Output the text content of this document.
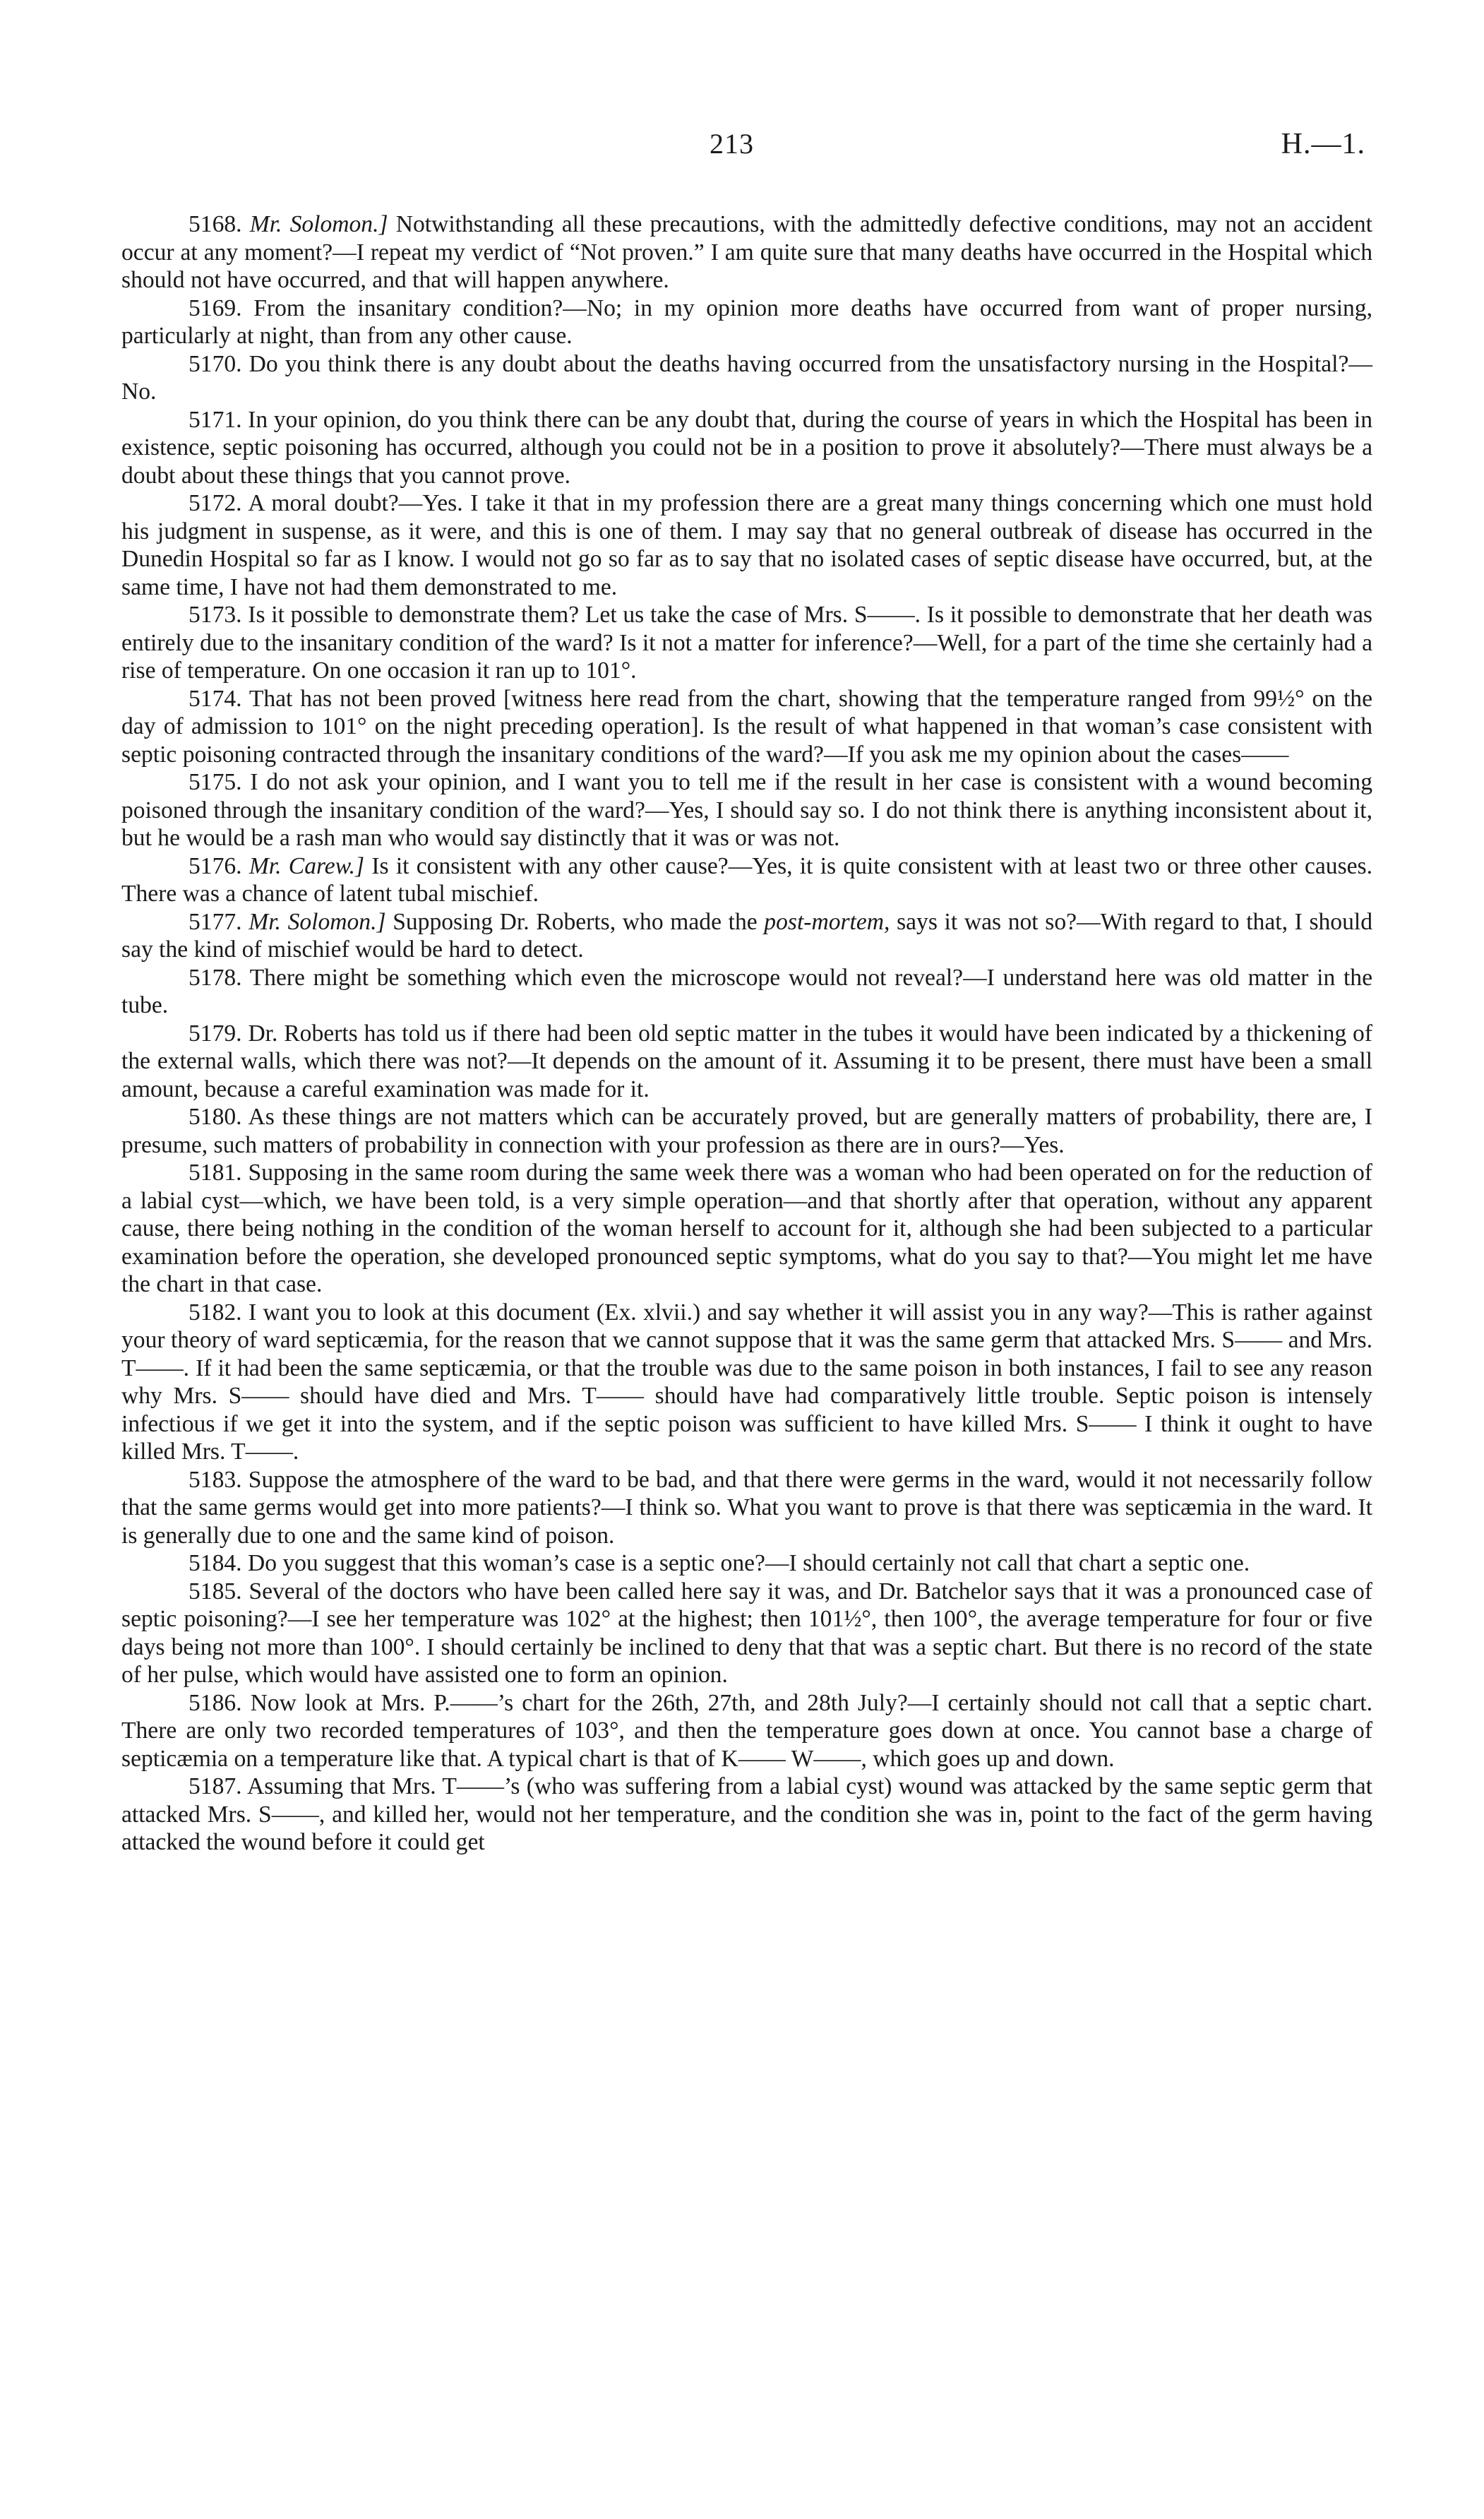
213	H.—1.

5168. Mr. Solomon.] Notwithstanding all these precautions, with the admittedly defective conditions, may not an accident occur at any moment?—I repeat my verdict of “Not proven.” I am quite sure that many deaths have occurred in the Hospital which should not have occurred, and that will happen anywhere.

5169. From the insanitary condition?—No; in my opinion more deaths have occurred from want of proper nursing, particularly at night, than from any other cause.

5170. Do you think there is any doubt about the deaths having occurred from the unsatisfactory nursing in the Hospital?—No.

5171. In your opinion, do you think there can be any doubt that, during the course of years in which the Hospital has been in existence, septic poisoning has occurred, although you could not be in a position to prove it absolutely?—There must always be a doubt about these things that you cannot prove.

5172. A moral doubt?—Yes. I take it that in my profession there are a great many things concerning which one must hold his judgment in suspense, as it were, and this is one of them. I may say that no general outbreak of disease has occurred in the Dunedin Hospital so far as I know. I would not go so far as to say that no isolated cases of septic disease have occurred, but, at the same time, I have not had them demonstrated to me.

5173. Is it possible to demonstrate them? Let us take the case of Mrs. S——. Is it possible to demonstrate that her death was entirely due to the insanitary condition of the ward? Is it not a matter for inference?—Well, for a part of the time she certainly had a rise of temperature. On one occasion it ran up to 101°.

5174. That has not been proved [witness here read from the chart, showing that the temperature ranged from 99½° on the day of admission to 101° on the night preceding operation]. Is the result of what happened in that woman’s case consistent with septic poisoning contracted through the insanitary conditions of the ward?—If you ask me my opinion about the cases——

5175. I do not ask your opinion, and I want you to tell me if the result in her case is consistent with a wound becoming poisoned through the insanitary condition of the ward?—Yes, I should say so. I do not think there is anything inconsistent about it, but he would be a rash man who would say distinctly that it was or was not.

5176. Mr. Carew.] Is it consistent with any other cause?—Yes, it is quite consistent with at least two or three other causes. There was a chance of latent tubal mischief.

5177. Mr. Solomon.] Supposing Dr. Roberts, who made the post-mortem, says it was not so?—With regard to that, I should say the kind of mischief would be hard to detect.

5178. There might be something which even the microscope would not reveal?—I understand here was old matter in the tube.

5179. Dr. Roberts has told us if there had been old septic matter in the tubes it would have been indicated by a thickening of the external walls, which there was not?—It depends on the amount of it. Assuming it to be present, there must have been a small amount, because a careful examination was made for it.

5180. As these things are not matters which can be accurately proved, but are generally matters of probability, there are, I presume, such matters of probability in connection with your profession as there are in ours?—Yes.

5181. Supposing in the same room during the same week there was a woman who had been operated on for the reduction of a labial cyst—which, we have been told, is a very simple operation—and that shortly after that operation, without any apparent cause, there being nothing in the condition of the woman herself to account for it, although she had been subjected to a particular examination before the operation, she developed pronounced septic symptoms, what do you say to that?—You might let me have the chart in that case.

5182. I want you to look at this document (Ex. xlvii.) and say whether it will assist you in any way?—This is rather against your theory of ward septicæmia, for the reason that we cannot suppose that it was the same germ that attacked Mrs. S—— and Mrs. T——. If it had been the same septicæmia, or that the trouble was due to the same poison in both instances, I fail to see any reason why Mrs. S—— should have died and Mrs. T—— should have had comparatively little trouble. Septic poison is intensely infectious if we get it into the system, and if the septic poison was sufficient to have killed Mrs. S—— I think it ought to have killed Mrs. T——.

5183. Suppose the atmosphere of the ward to be bad, and that there were germs in the ward, would it not necessarily follow that the same germs would get into more patients?—I think so. What you want to prove is that there was septicæmia in the ward. It is generally due to one and the same kind of poison.

5184. Do you suggest that this woman’s case is a septic one?—I should certainly not call that chart a septic one.

5185. Several of the doctors who have been called here say it was, and Dr. Batchelor says that it was a pronounced case of septic poisoning?—I see her temperature was 102° at the highest; then 101½°, then 100°, the average temperature for four or five days being not more than 100°. I should certainly be inclined to deny that that was a septic chart. But there is no record of the state of her pulse, which would have assisted one to form an opinion.

5186. Now look at Mrs. P.——’s chart for the 26th, 27th, and 28th July?—I certainly should not call that a septic chart. There are only two recorded temperatures of 103°, and then the temperature goes down at once. You cannot base a charge of septicæmia on a temperature like that. A typical chart is that of K—— W——, which goes up and down.

5187. Assuming that Mrs. T——’s (who was suffering from a labial cyst) wound was attacked by the same septic germ that attacked Mrs. S——, and killed her, would not her temperature, and the condition she was in, point to the fact of the germ having attacked the wound before it could get
